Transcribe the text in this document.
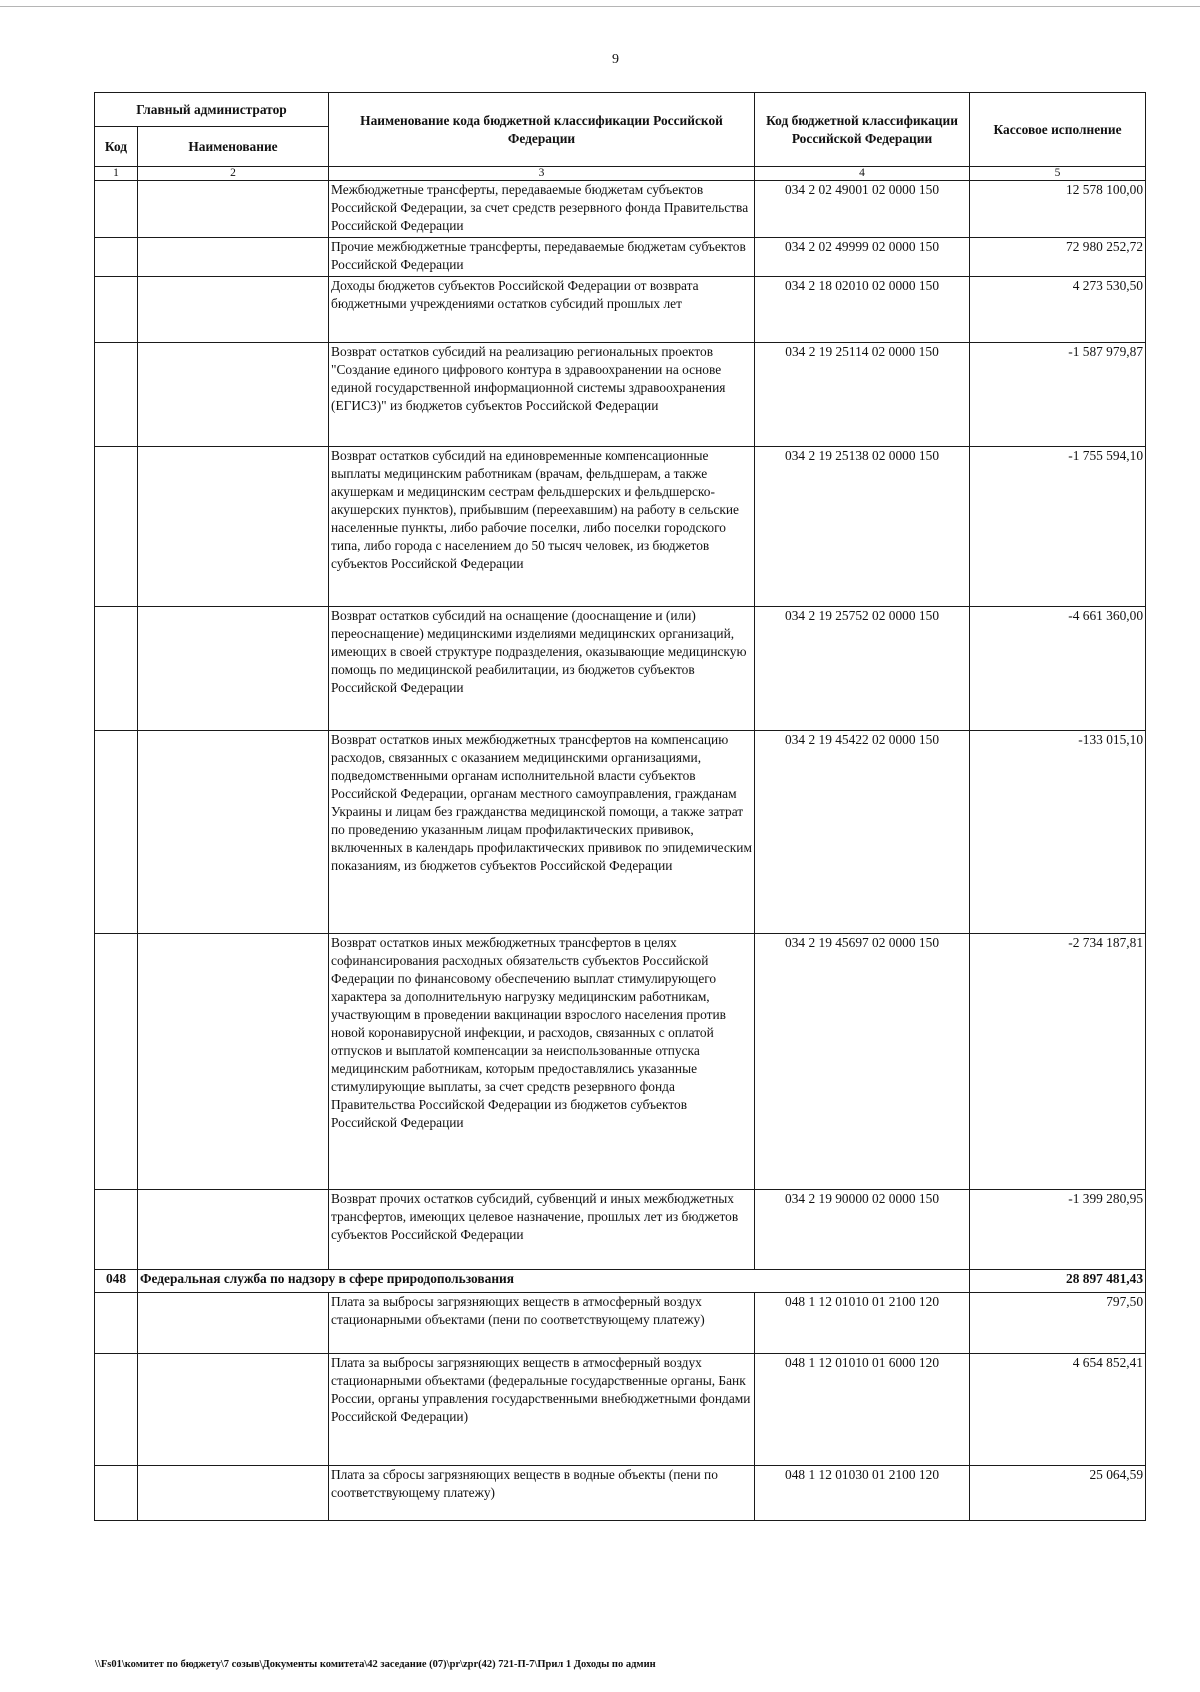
9
Главный администратор		Наименование кода бюджетной классификации Российской Федерации	Код бюджетной классификации Российской Федерации	Кассовое исполнение
Код	Наименование			
1	2	3	4	5
		Межбюджетные трансферты, передаваемые бюджетам субъектов Российской Федерации, за счет средств резервного фонда Правительства Российской Федерации	034 2 02 49001 02 0000 150	12 578 100,00
		Прочие межбюджетные трансферты, передаваемые бюджетам субъектов Российской Федерации	034 2 02 49999 02 0000 150	72 980 252,72
		Доходы бюджетов субъектов Российской Федерации от возврата бюджетными учреждениями остатков субсидий прошлых лет	034 2 18 02010 02 0000 150	4 273 530,50
		Возврат остатков субсидий на реализацию региональных проектов "Создание единого цифрового контура в здравоохранении на основе единой государственной информационной системы здравоохранения (ЕГИСЗ)" из бюджетов субъектов Российской Федерации	034 2 19 25114 02 0000 150	-1 587 979,87
		Возврат остатков субсидий на единовременные компенсационные выплаты медицинским работникам (врачам, фельдшерам, а также акушеркам и медицинским сестрам фельдшерских и фельдшерско-акушерских пунктов), прибывшим (переехавшим) на работу в сельские населенные пункты, либо рабочие поселки, либо поселки городского типа, либо города с населением до 50 тысяч человек, из бюджетов субъектов Российской Федерации	034 2 19 25138 02 0000 150	-1 755 594,10
		Возврат остатков субсидий на оснащение (дооснащение и (или) переоснащение) медицинскими изделиями медицинских организаций, имеющих в своей структуре подразделения, оказывающие медицинскую помощь по медицинской реабилитации, из бюджетов субъектов Российской Федерации	034 2 19 25752 02 0000 150	-4 661 360,00
		Возврат остатков иных межбюджетных трансфертов на компенсацию расходов, связанных с оказанием медицинскими организациями, подведомственными органам исполнительной власти субъектов Российской Федерации, органам местного самоуправления, гражданам Украины и лицам без гражданства медицинской помощи, а также затрат по проведению указанным лицам профилактических прививок, включенных в календарь профилактических прививок по эпидемическим показаниям, из бюджетов субъектов Российской Федерации	034 2 19 45422 02 0000 150	-133 015,10
		Возврат остатков иных межбюджетных трансфертов в целях софинансирования расходных обязательств субъектов Российской Федерации по финансовому обеспечению выплат стимулирующего характера за дополнительную нагрузку медицинским работникам, участвующим в проведении вакцинации взрослого населения против новой коронавирусной инфекции, и расходов, связанных с оплатой отпусков и выплатой компенсации за неиспользованные отпуска медицинским работникам, которым предоставлялись указанные стимулирующие выплаты, за счет средств резервного фонда Правительства Российской Федерации из бюджетов субъектов Российской Федерации	034 2 19 45697 02 0000 150	-2 734 187,81
		Возврат прочих остатков субсидий, субвенций и иных межбюджетных трансфертов, имеющих целевое назначение, прошлых лет из бюджетов субъектов Российской Федерации	034 2 19 90000 02 0000 150	-1 399 280,95
048	Федеральная служба по надзору в сфере природопользования			28 897 481,43
		Плата за выбросы загрязняющих веществ в атмосферный воздух стационарными объектами (пени по соответствующему платежу)	048 1 12 01010 01 2100 120	797,50
		Плата за выбросы загрязняющих веществ в атмосферный воздух стационарными объектами (федеральные государственные органы, Банк России, органы управления государственными внебюджетными фондами Российской Федерации)	048 1 12 01010 01 6000 120	4 654 852,41
		Плата за сбросы загрязняющих веществ в водные объекты (пени по соответствующему платежу)	048 1 12 01030 01 2100 120	25 064,59
\\Fs01\комитет по бюджету\7 созыв\Документы комитета\42 заседание (07)\pr\zpr(42) 721-П-7\Прил 1 Доходы по админ
